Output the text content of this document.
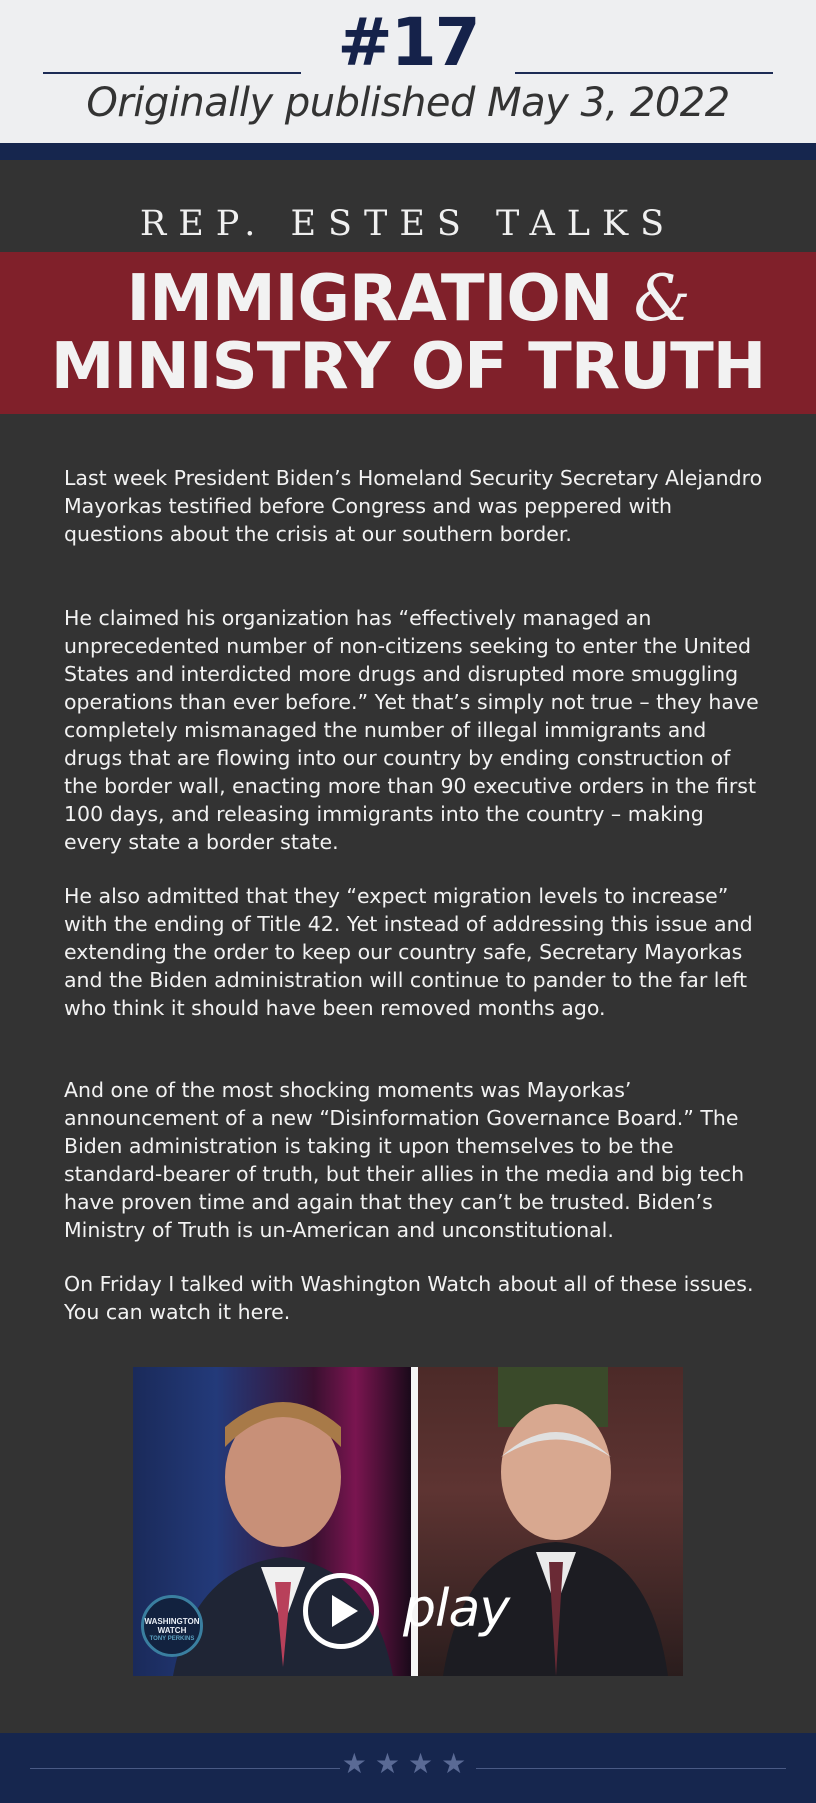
#17
Originally published May 3, 2022
REP. ESTES TALKS
IMMIGRATION &
MINISTRY OF TRUTH
Last week President Biden’s Homeland Security Secretary Alejandro Mayorkas testified before Congress and was peppered with questions about the crisis at our southern border.
He claimed his organization has “effectively managed an unprecedented number of non-citizens seeking to enter the United States and interdicted more drugs and disrupted more smuggling operations than ever before.” Yet that’s simply not true – they have completely mismanaged the number of illegal immigrants and drugs that are flowing into our country by ending construction of the border wall, enacting more than 90 executive orders in the first 100 days, and releasing immigrants into the country – making every state a border state.
He also admitted that they “expect migration levels to increase” with the ending of Title 42. Yet instead of addressing this issue and extending the order to keep our country safe, Secretary Mayorkas and the Biden administration will continue to pander to the far left who think it should have been removed months ago.
And one of the most shocking moments was Mayorkas’ announcement of a new “Disinformation Governance Board.” The Biden administration is taking it upon themselves to be the standard-bearer of truth, but their allies in the media and big tech have proven time and again that they can’t be trusted. Biden’s Ministry of Truth is un-American and unconstitutional.
On Friday I talked with Washington Watch about all of these issues. You can watch it here.
WASHINGTON
WATCH
TONY PERKINS	play
★★★★
